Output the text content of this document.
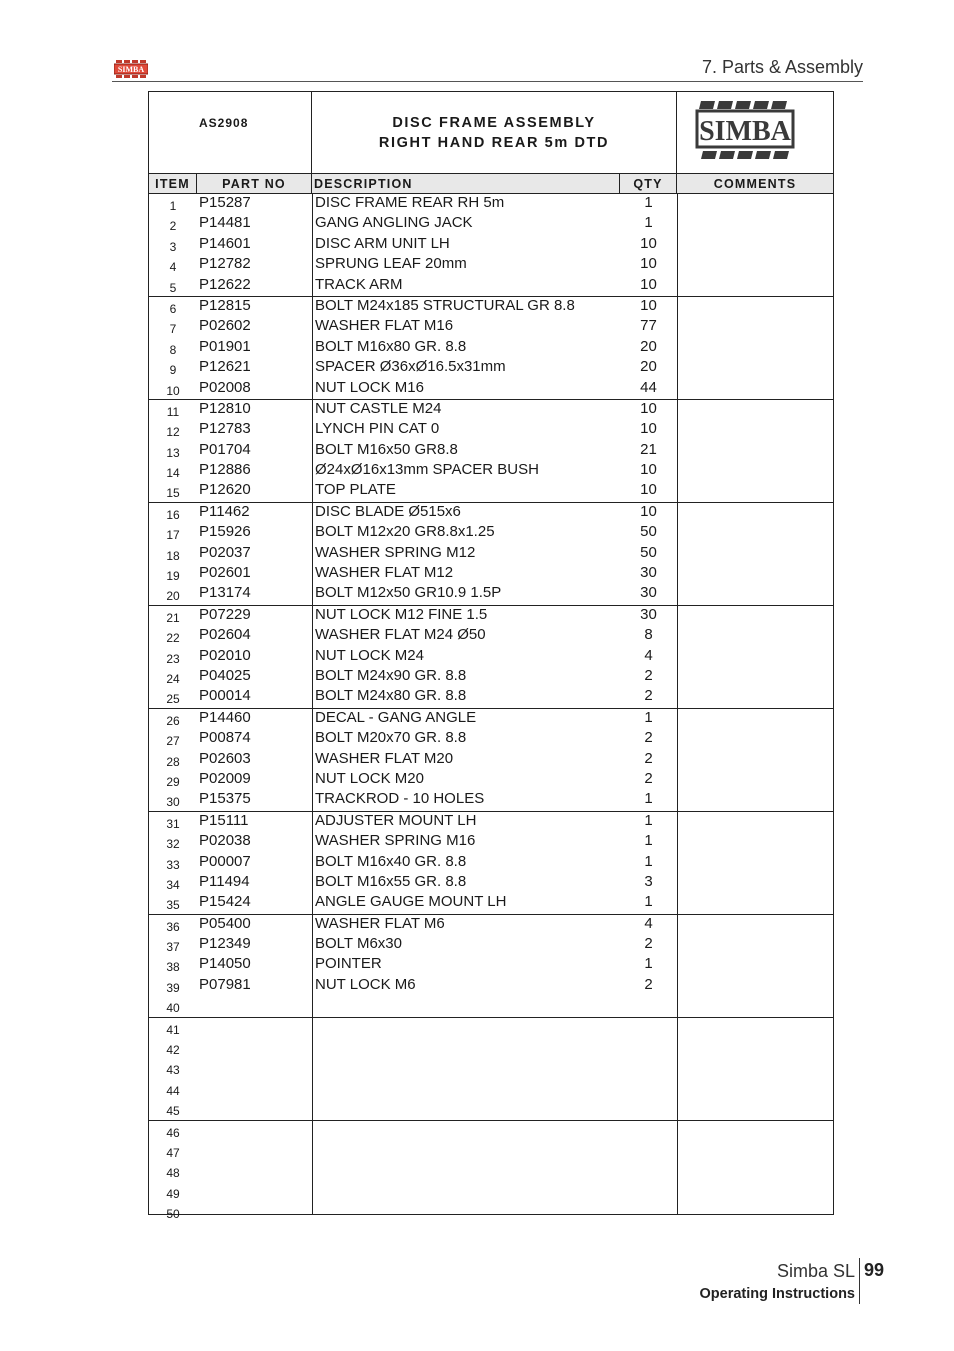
SIMBA	7. Parts & Assembly
AS2908	DISC FRAME ASSEMBLY
RIGHT HAND REAR 5m DTD	SIMBA
ITEM	PART NO	DESCRIPTION	QTY	COMMENTS
1	P15287	DISC FRAME REAR RH 5m	1
2	P14481	GANG ANGLING JACK	1
3	P14601	DISC ARM UNIT LH	10
4	P12782	SPRUNG LEAF 20mm	10
5	P12622	TRACK ARM	10
6	P12815	BOLT M24x185 STRUCTURAL GR 8.8	10
7	P02602	WASHER FLAT M16	77
8	P01901	BOLT M16x80 GR. 8.8	20
9	P12621	SPACER Ø36xØ16.5x31mm	20
10	P02008	NUT LOCK M16	44
11	P12810	NUT CASTLE M24	10
12	P12783	LYNCH PIN CAT 0	10
13	P01704	BOLT M16x50 GR8.8	21
14	P12886	Ø24xØ16x13mm SPACER BUSH	10
15	P12620	TOP PLATE	10
16	P11462	DISC BLADE Ø515x6	10
17	P15926	BOLT M12x20 GR8.8x1.25	50
18	P02037	WASHER SPRING M12	50
19	P02601	WASHER FLAT M12	30
20	P13174	BOLT M12x50 GR10.9 1.5P	30
21	P07229	NUT LOCK M12 FINE 1.5	30
22	P02604	WASHER FLAT M24 Ø50	8
23	P02010	NUT LOCK M24	4
24	P04025	BOLT M24x90 GR. 8.8	2
25	P00014	BOLT M24x80 GR. 8.8	2
26	P14460	DECAL - GANG ANGLE	1
27	P00874	BOLT M20x70 GR. 8.8	2
28	P02603	WASHER FLAT M20	2
29	P02009	NUT LOCK M20	2
30	P15375	TRACKROD - 10 HOLES	1
31	P15111	ADJUSTER MOUNT LH	1
32	P02038	WASHER SPRING M16	1
33	P00007	BOLT M16x40 GR. 8.8	1
34	P11494	BOLT M16x55 GR. 8.8	3
35	P15424	ANGLE GAUGE MOUNT LH	1
36	P05400	WASHER FLAT M6	4
37	P12349	BOLT M6x30	2
38	P14050	POINTER	1
39	P07981	NUT LOCK M6	2
40
41
42
43
44
45
46
47
48
49
50
Simba SL 99
Operating Instructions
